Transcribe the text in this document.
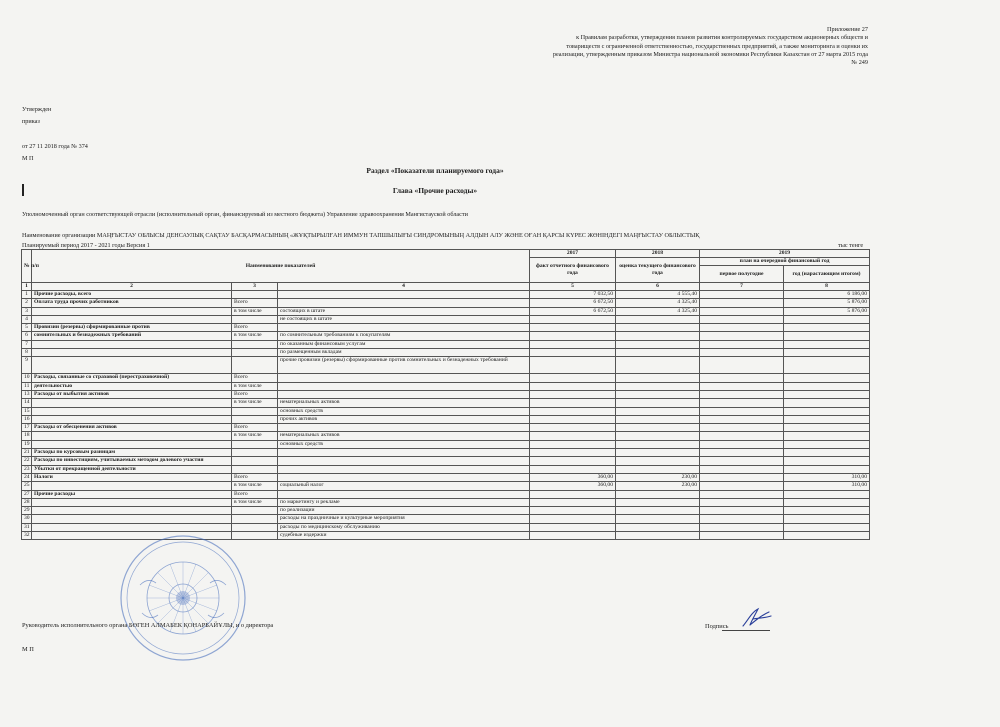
Приложение 27
к Правилам разработки, утверждения планов развития контролируемых государством акционерных обществ и
товариществ с ограниченной ответственностью, государственных предприятий, а также мониторинга и оценки их
реализации, утвержденным приказом Министра национальной экономики Республики Казахстан от 27 марта 2015 года
№ 249
Утвержден
приказ
от 27 11 2018 года № 374
М П
Раздел «Показатели планируемого года»
Глава «Прочие расходы»
Уполномоченный орган соответствующей отрасли (исполнительный орган, финансируемый из местного бюджета) Управление здравоохранения Мангистауской области
Наименование организации МАҢҒЫСТАУ ОБЛЫСЫ ДЕНСАУЛЫҚ САҚТАУ БАСҚАРМАСЫНЫҢ «ЖҰҚТЫРЫЛҒАН ИММУН ТАПШЫЛЫҒЫ СИНДРОМЫНЫҢ АЛДЫН АЛУ ЖӘНЕ ОҒАН ҚАРСЫ КҮРЕС ЖӨНІНДЕГІ МАҢҒЫСТАУ ОБЛЫСТЫҚ
Планируемый период 2017 - 2021 годы Версия 1	тыс тенге
№ п/п	Наименование показателей			2017	2018	2019	
				факт отчетного финансового года	оценка текущего финансового года	план на очередной финансовый год	
						первое полугодие	год (нарастающим итогом)
1	2	3	4	5	6	7	8
1	Прочие расходы, всего			7 032,50	4 555,40		6 186,00
2	Оплата труда прочих работников	Всего		6 672,50	4 325,40		5 876,00
3		в том числе	состоящих в штате	6 672,50	4 325,40		5 876,00
4			не состоящих в штате				
5	Провизии (резервы) сформированные против	Всего					
6	сомнительных и безнадежных требований	в том числе	по сомнительным требованиям к покупателям				
7			по оказанным финансовым услугам				
8			по размещенным вкладам				
9			прочие провизии (резервы) сформированные против сомнительных и безнадежных требований				
10	Расходы, связанные со страховой (перестраховочной)	Всего					
11	деятельностью	в том числе					
13	Расходы от выбытия активов	Всего					
14		в том числе	нематериальных активов				
15			основных средств				
16			прочих активов				
17	Расходы от обесценения активов	Всего					
18		в том числе	нематериальных активов				
19			основных средств				
21	Расходы по курсовым разницам						
22	Расходы по инвестициям, учитываемых методом долевого участия						
23	Убытки от прекращенной деятельности						
24	Налоги	Всего		360,00	230,00		310,00
25		в том числе	социальный налог	360,00	230,00		310,00
27	Прочие расходы	Всего					
28		в том числе	по маркетингу и рекламе				
29			по реализации				
30			расходы на праздничные и культурные мероприятия				
31			расходы по медицинскому обслуживанию				
32			судебные издержки				
Руководитель исполнительного органа БӨГЕН АЛМАБЕК ҚОНАРБАЙҰЛЫ, и о директора	Подпись
М П
